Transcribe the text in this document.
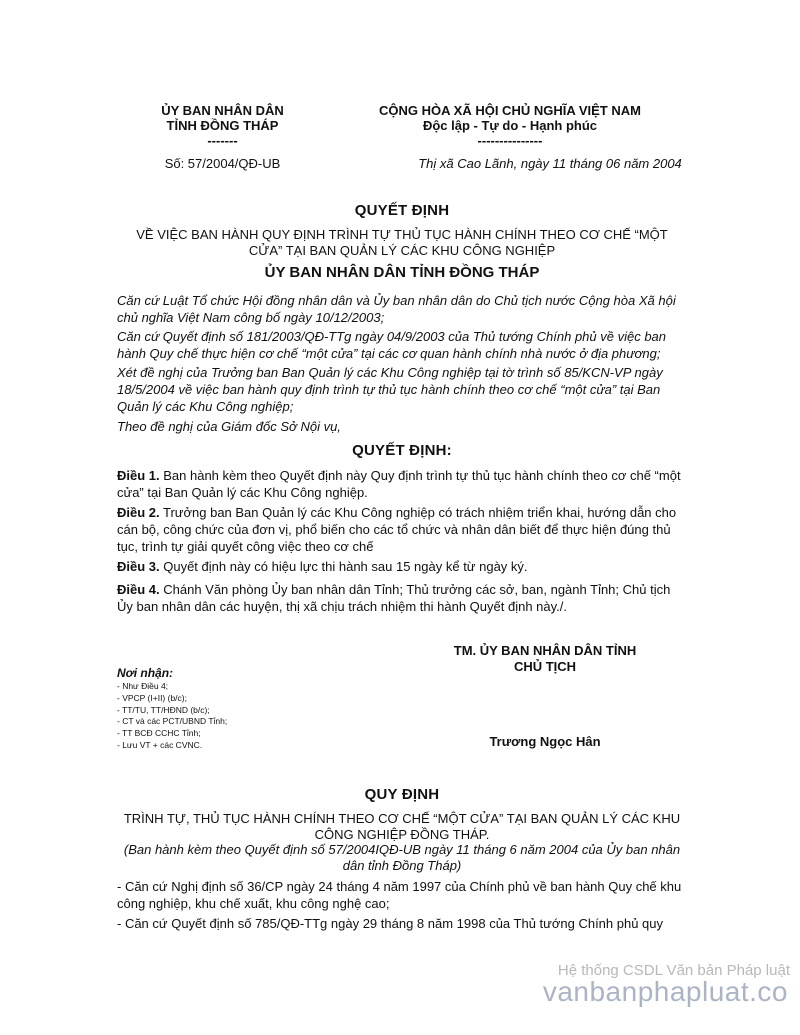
ỦY BAN NHÂN DÂN
TỈNH ĐỒNG THÁP
-------
Số: 57/2004/QĐ-UB
CỘNG HÒA XÃ HỘI CHỦ NGHĨA VIỆT NAM
Độc lập - Tự do - Hạnh phúc
---------------
Thị xã Cao Lãnh, ngày 11 tháng 06 năm 2004
QUYẾT ĐỊNH
VỀ VIỆC BAN HÀNH QUY ĐỊNH TRÌNH TỰ THỦ TỤC HÀNH CHÍNH THEO CƠ CHẾ “MỘT
CỬA” TẠI BAN QUẢN LÝ CÁC KHU CÔNG NGHIỆP
ỦY BAN NHÂN DÂN TỈNH ĐỒNG THÁP

Căn cứ Luật Tổ chức Hội đồng nhân dân và Ủy ban nhân dân do Chủ tịch nước Cộng hòa Xã hội chủ nghĩa Việt Nam công bố ngày 10/12/2003;

Căn cứ Quyết định số 181/2003/QĐ-TTg ngày 04/9/2003 của Thủ tướng Chính phủ về việc ban hành Quy chế thực hiện cơ chế “một cửa” tại các cơ quan hành chính nhà nước ở địa phương;

Xét đề nghị của Trưởng ban Ban Quản lý các Khu Công nghiệp tại tờ trình số 85/KCN-VP ngày 18/5/2004 về việc ban hành quy định trình tự thủ tục hành chính theo cơ chế “một cửa” tại Ban Quản lý các Khu Công nghiệp;

Theo đề nghị của Giám đốc Sở Nội vụ,

QUYẾT ĐỊNH:

Điều 1. Ban hành kèm theo Quyết định này Quy định trình tự thủ tục hành chính theo cơ chế “một cửa” tại Ban Quản lý các Khu Công nghiệp.

Điều 2. Trưởng ban Ban Quản lý các Khu Công nghiệp có trách nhiệm triển khai, hướng dẫn cho cán bộ, công chức của đơn vị, phổ biến cho các tổ chức và nhân dân biết để thực hiện đúng thủ tục, trình tự giải quyết công việc theo cơ chế

Điều 3. Quyết định này có hiệu lực thi hành sau 15 ngày kể từ ngày ký.

Điều 4. Chánh Văn phòng Ủy ban nhân dân Tỉnh; Thủ trưởng các sở, ban, ngành Tỉnh; Chủ tịch Ủy ban nhân dân các huyện, thị xã chịu trách nhiệm thi hành Quyết định này./.

Nơi nhận:
- Như Điều 4;
- VPCP (I+II) (b/c);
- TT/TU, TT/HĐND (b/c);
- CT và các PCT/UBND Tỉnh;
- TT BCĐ CCHC Tỉnh;
- Lưu VT + các CVNC.
TM. ỦY BAN NHÂN DÂN TỈNH
CHỦ TỊCH
Trương Ngọc Hân
QUY ĐỊNH
TRÌNH TỰ, THỦ TỤC HÀNH CHÍNH THEO CƠ CHẾ “MỘT CỬA” TẠI BAN QUẢN LÝ CÁC KHU
CÔNG NGHIỆP ĐỒNG THÁP.
(Ban hành kèm theo Quyết định số 57/2004IQĐ-UB ngày 11 tháng 6 năm 2004 của Ủy ban nhân
dân tỉnh Đồng Tháp)

- Căn cứ Nghị định số 36/CP ngày 24 tháng 4 năm 1997 của Chính phủ về ban hành Quy chế khu công nghiệp, khu chế xuất, khu công nghệ cao;

- Căn cứ Quyết định số 785/QĐ-TTg ngày 29 tháng 8 năm 1998 của Thủ tướng Chính phủ quy

Hệ thống CSDL Văn bản Pháp luật
vanbanphapluat.co
